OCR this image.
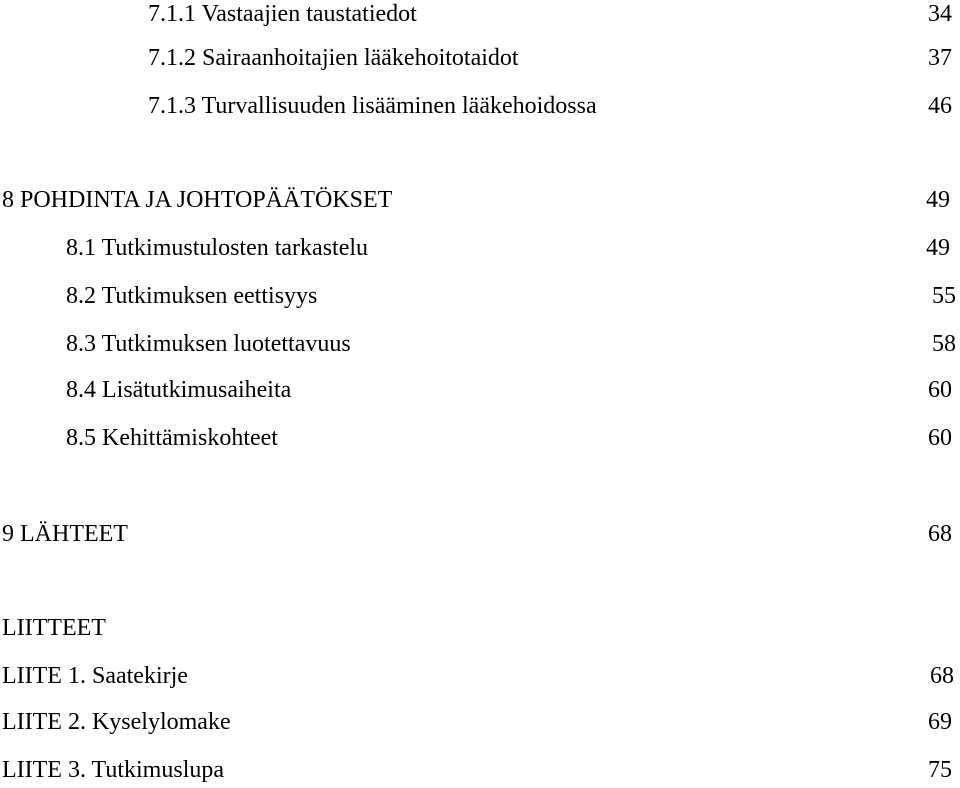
7.1.1 Vastaajien taustatiedot	34
7.1.2 Sairaanhoitajien lääkehoitotaidot	37
7.1.3 Turvallisuuden lisääminen lääkehoidossa	46
8 POHDINTA JA JOHTOPÄÄTÖKSET	49
8.1 Tutkimustulosten tarkastelu	49
8.2 Tutkimuksen eettisyys	55
8.3 Tutkimuksen luotettavuus	58
8.4 Lisätutkimusaiheita	60
8.5 Kehittämiskohteet	60
9 LÄHTEET	68
LIITTEET
LIITE 1. Saatekirje	68
LIITE 2. Kyselylomake	69
LIITE 3. Tutkimuslupa	75
